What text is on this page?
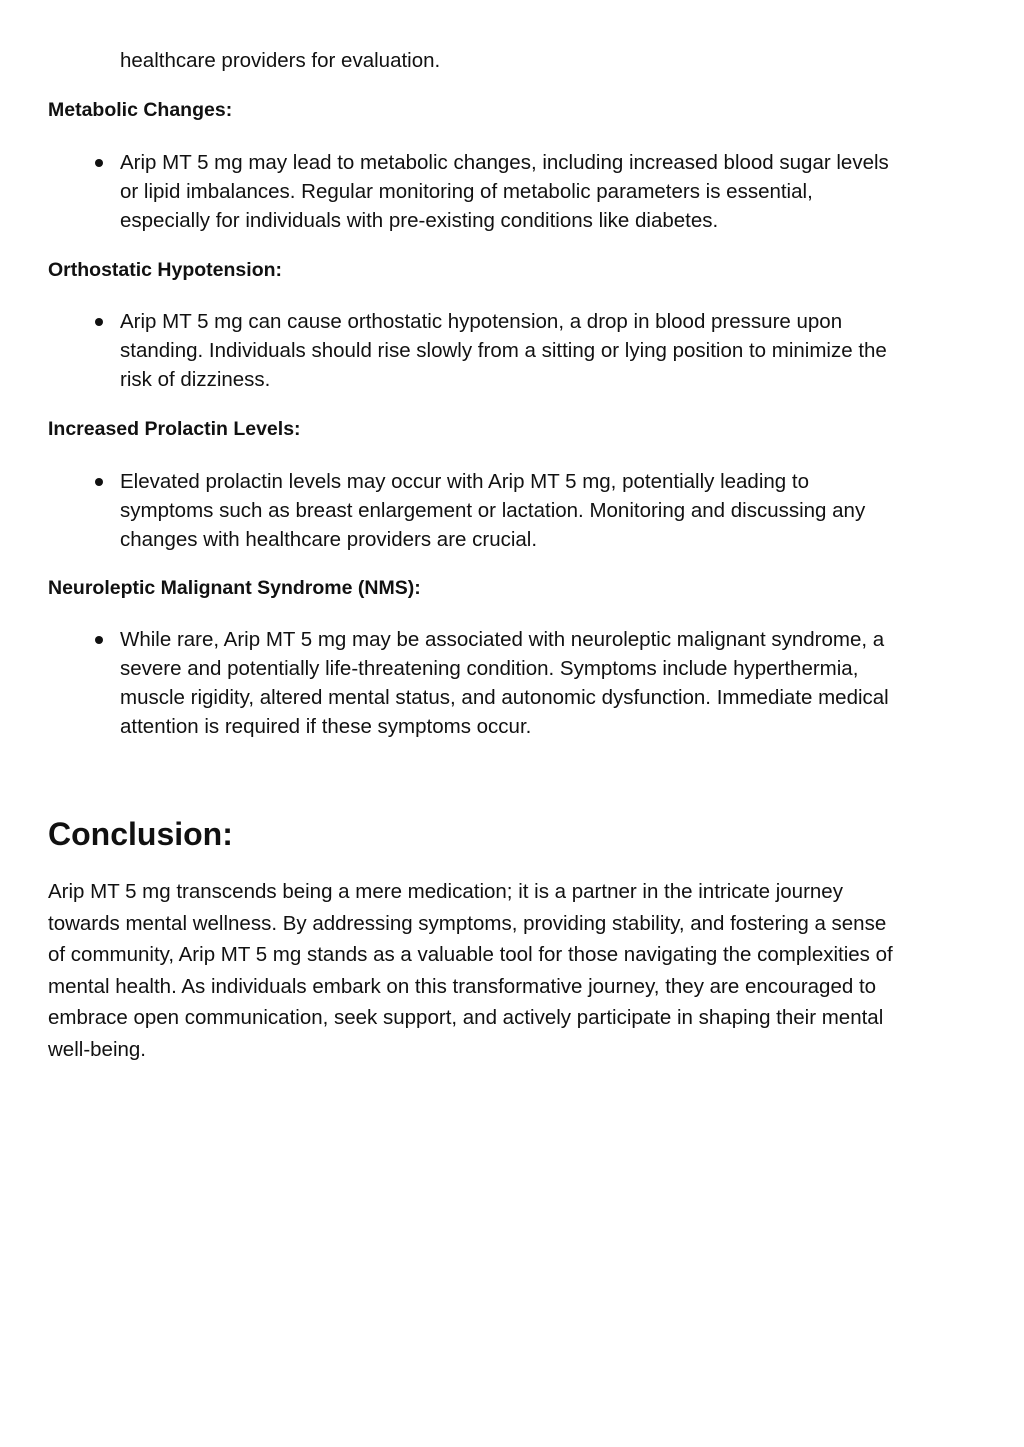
healthcare providers for evaluation.
Metabolic Changes:
Arip MT 5 mg may lead to metabolic changes, including increased blood sugar levels
or lipid imbalances. Regular monitoring of metabolic parameters is essential,
especially for individuals with pre-existing conditions like diabetes.
Orthostatic Hypotension:
Arip MT 5 mg can cause orthostatic hypotension, a drop in blood pressure upon
standing. Individuals should rise slowly from a sitting or lying position to minimize the
risk of dizziness.
Increased Prolactin Levels:
Elevated prolactin levels may occur with Arip MT 5 mg, potentially leading to
symptoms such as breast enlargement or lactation. Monitoring and discussing any
changes with healthcare providers are crucial.
Neuroleptic Malignant Syndrome (NMS):
While rare, Arip MT 5 mg may be associated with neuroleptic malignant syndrome, a
severe and potentially life-threatening condition. Symptoms include hyperthermia,
muscle rigidity, altered mental status, and autonomic dysfunction. Immediate medical
attention is required if these symptoms occur.
Conclusion:
Arip MT 5 mg transcends being a mere medication; it is a partner in the intricate journey
towards mental wellness. By addressing symptoms, providing stability, and fostering a sense
of community, Arip MT 5 mg stands as a valuable tool for those navigating the complexities of
mental health. As individuals embark on this transformative journey, they are encouraged to
embrace open communication, seek support, and actively participate in shaping their mental
well-being.
